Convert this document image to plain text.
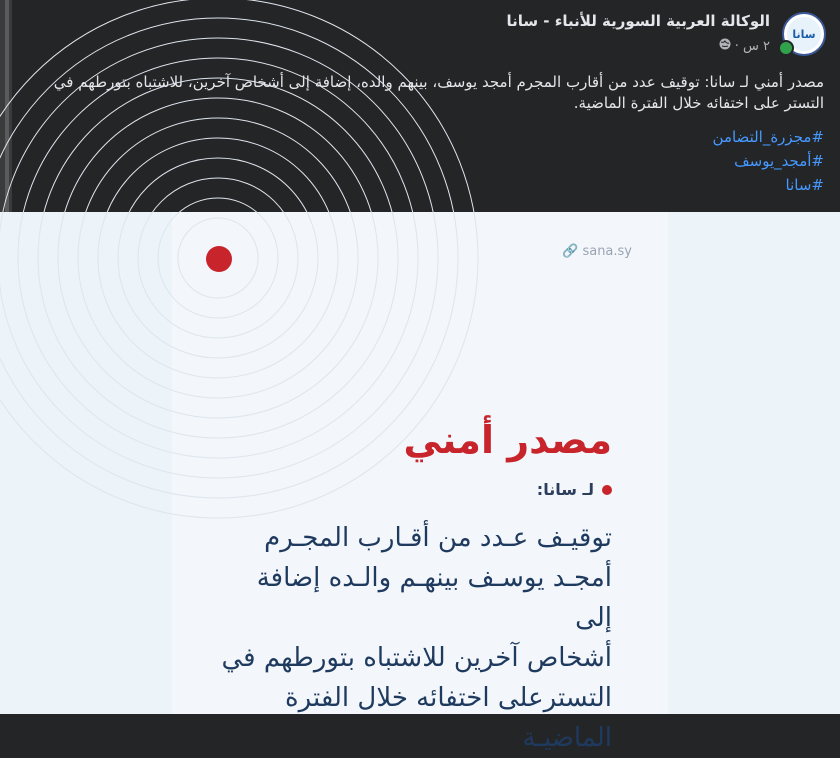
سانا
الوكالة العربية السورية للأنباء - سانا
٢ س ·
مصدر أمني لـ سانا: توقيف عدد من أقارب المجرم أمجد يوسف، بينهم والده، إضافة إلى أشخاص آخرين، للاشتباه بتورطهم في التستر على اختفائه خلال الفترة الماضية.
#مجزرة_التضامن
#أمجد_يوسف
#سانا
🔗 sana.sy
مصدر أمني
لـ سانا:
توقيـف عـدد من أقـارب المجـرم
أمجـد يوسـف بينهـم والـده إضافة إلى
أشخاص آخرين للاشتباه بتورطهم في
التسترعلى اختفائه خلال الفترة الماضيـة
